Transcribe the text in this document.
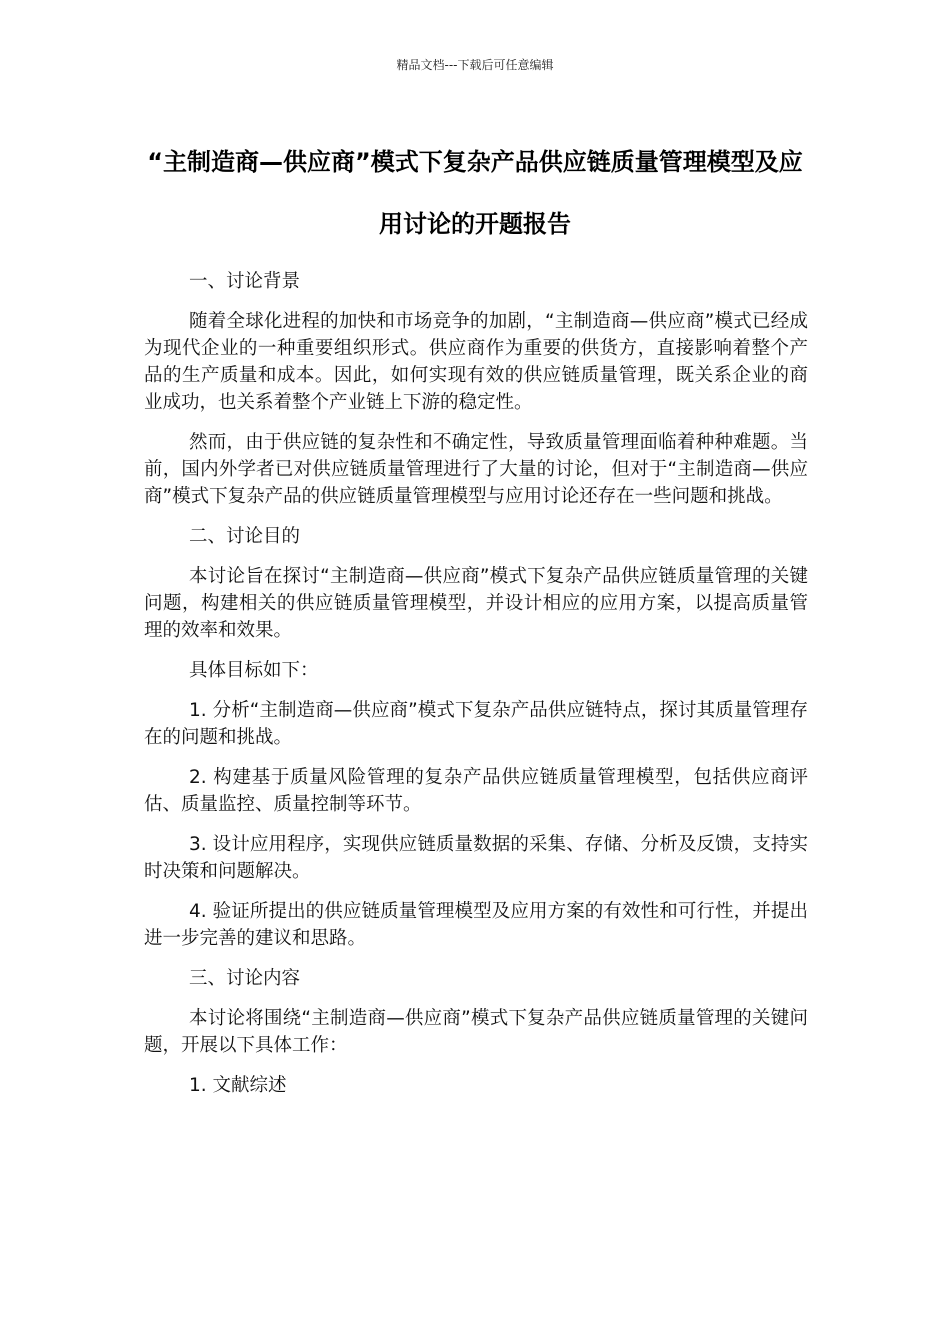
精品文档---下载后可任意编辑
“主制造商—供应商”模式下复杂产品供应链质量管理模型及应用讨论的开题报告

一、讨论背景

随着全球化进程的加快和市场竞争的加剧，“主制造商—供应商”模式已经成为现代企业的一种重要组织形式。供应商作为重要的供货方，直接影响着整个产品的生产质量和成本。因此，如何实现有效的供应链质量管理，既关系企业的商业成功，也关系着整个产业链上下游的稳定性。

然而，由于供应链的复杂性和不确定性，导致质量管理面临着种种难题。当前，国内外学者已对供应链质量管理进行了大量的讨论，但对于“主制造商—供应商”模式下复杂产品的供应链质量管理模型与应用讨论还存在一些问题和挑战。

二、讨论目的

本讨论旨在探讨“主制造商—供应商”模式下复杂产品供应链质量管理的关键问题，构建相关的供应链质量管理模型，并设计相应的应用方案，以提高质量管理的效率和效果。

具体目标如下：

1. 分析“主制造商—供应商”模式下复杂产品供应链特点，探讨其质量管理存在的问题和挑战。

2. 构建基于质量风险管理的复杂产品供应链质量管理模型，包括供应商评估、质量监控、质量控制等环节。

3. 设计应用程序，实现供应链质量数据的采集、存储、分析及反馈，支持实时决策和问题解决。

4. 验证所提出的供应链质量管理模型及应用方案的有效性和可行性，并提出进一步完善的建议和思路。

三、讨论内容

本讨论将围绕“主制造商—供应商”模式下复杂产品供应链质量管理的关键问题，开展以下具体工作：

1. 文献综述
